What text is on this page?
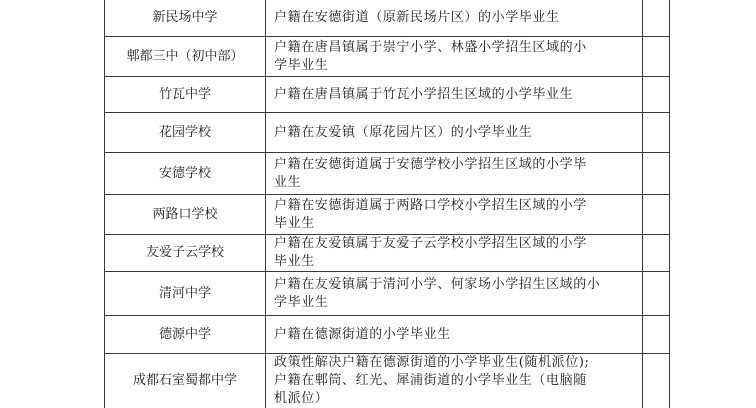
新民场中学	户籍在安德街道（原新民场片区）的小学毕业生	

郫都三中（初中部）	户籍在唐昌镇属于崇宁小学、林盛小学招生区域的小
学毕业生	

竹瓦中学	户籍在唐昌镇属于竹瓦小学招生区域的小学毕业生	

花园学校	户籍在友爱镇（原花园片区）的小学毕业生	

安德学校	户籍在安德街道属于安德学校小学招生区域的小学毕
业生	

两路口学校	户籍在安德街道属于两路口学校小学招生区域的小学
毕业生	

友爱子云学校	户籍在友爱镇属于友爱子云学校小学招生区域的小学
毕业生	

清河中学	户籍在友爱镇属于清河小学、何家场小学招生区域的小
学毕业生	

德源中学	户籍在德源街道的小学毕业生	

成都石室蜀都中学	政策性解决户籍在德源街道的小学毕业生(随机派位);
户籍在郫筒、红光、犀浦街道的小学毕业生（电脑随
机派位）	
